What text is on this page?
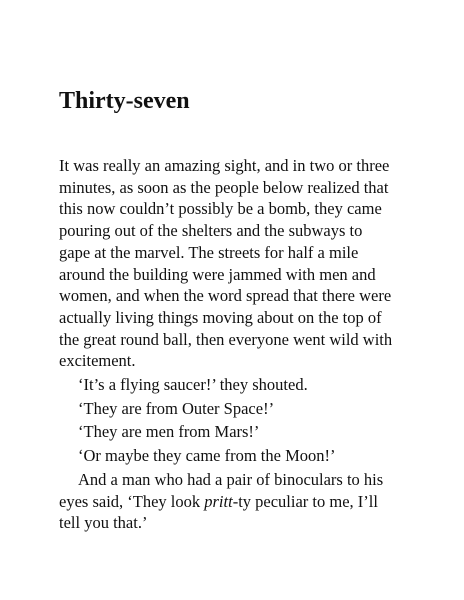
Thirty-seven

It was really an amazing sight, and in two or three
minutes, as soon as the people below realized that
this now couldn’t possibly be a bomb, they came
pouring out of the shelters and the subways to
gape at the marvel. The streets for half a mile
around the building were jammed with men and
women, and when the word spread that there were
actually living things moving about on the top of
the great round ball, then everyone went wild with
excitement.

‘It’s a flying saucer!’ they shouted.

‘They are from Outer Space!’

‘They are men from Mars!’

‘Or maybe they came from the Moon!’

And a man who had a pair of binoculars to his
eyes said, ‘They look pritt-ty peculiar to me, I’ll
tell you that.’
